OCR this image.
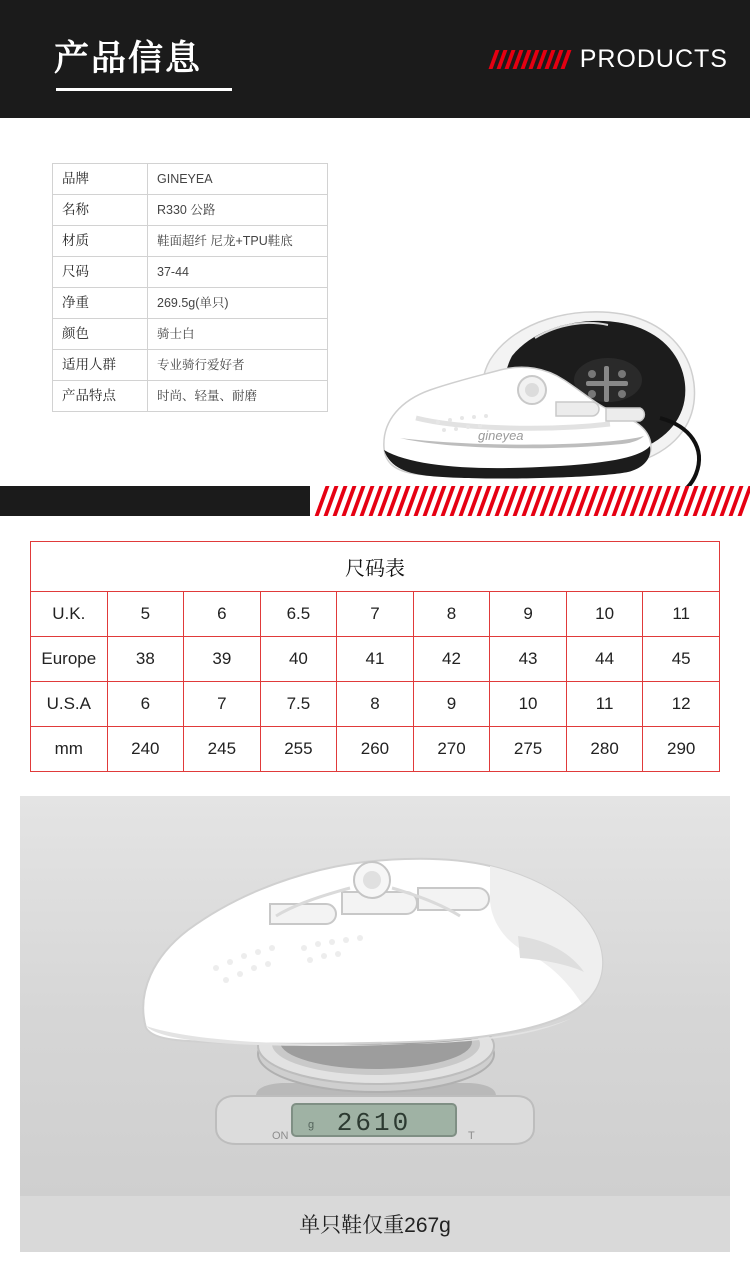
产品信息	PRODUCTS
品牌	GINEYEA
名称	R330 公路
材质	鞋面超纤 尼龙+TPU鞋底
尺码	37-44
净重	269.5g(单只)
颜色	骑士白
适用人群	专业骑行爱好者
产品特点	时尚、轻量、耐磨
gineyea
尺码表								
U.K.	5	6	6.5	7	8	9	10	11
Europe	38	39	40	41	42	43	44	45
U.S.A	6	7	7.5	8	9	10	11	12
mm	240	245	255	260	270	275	280	290
2610
g
ON	T
单只鞋仅重267g
